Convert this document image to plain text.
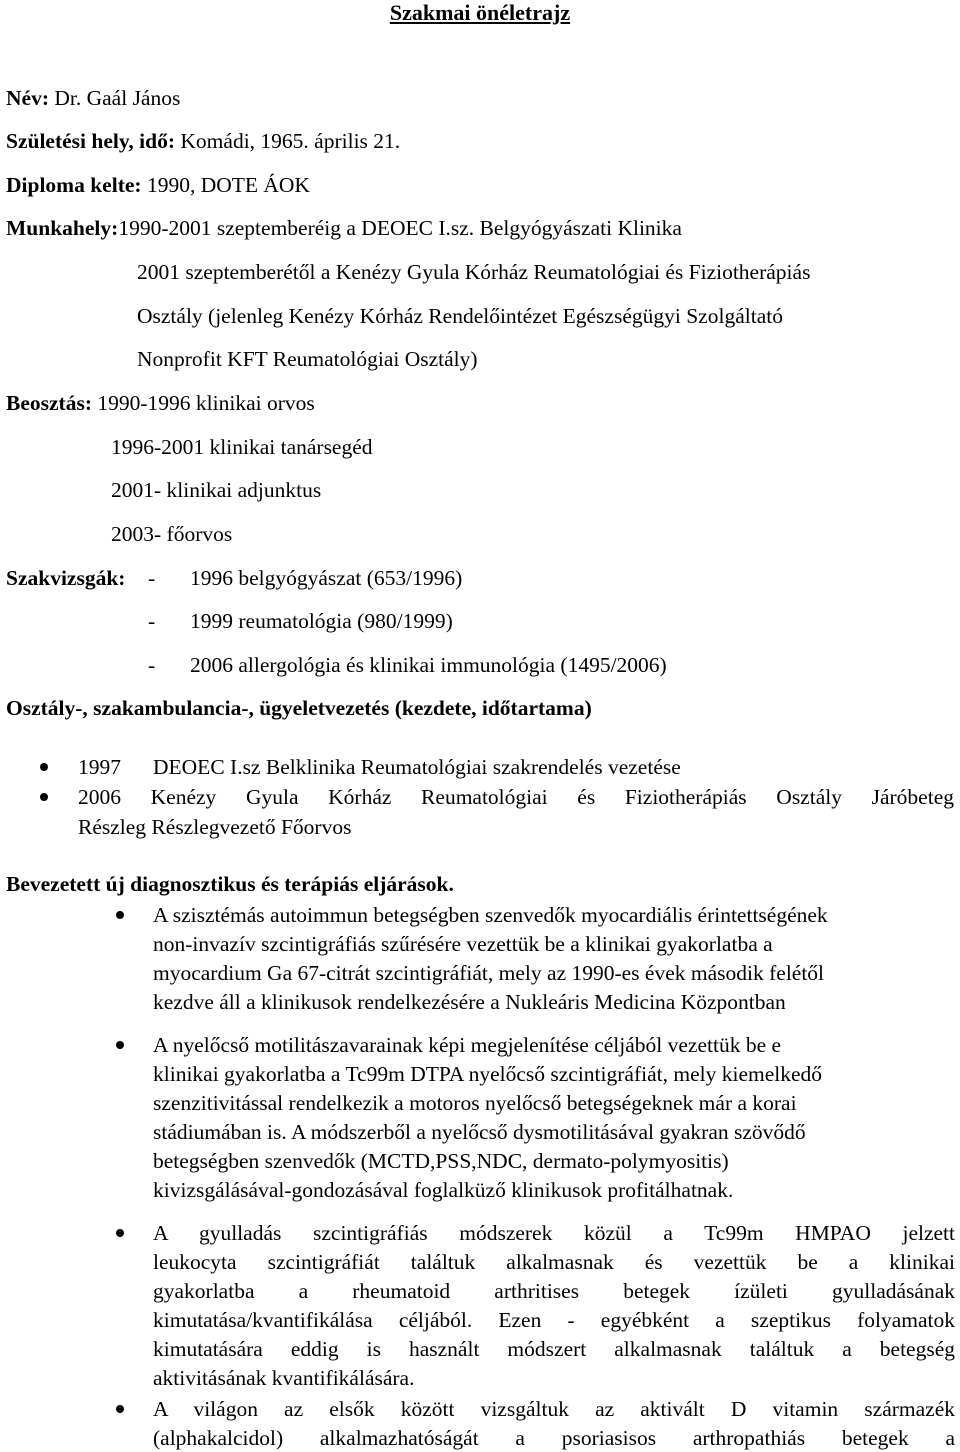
Szakmai önéletrajz
Név: Dr. Gaál János
Születési hely, idő: Komádi, 1965. április 21.
Diploma kelte: 1990, DOTE ÁOK
Munkahely:1990-2001 szeptemberéig a DEOEC I.sz. Belgyógyászati Klinika
2001 szeptemberétől a Kenézy Gyula Kórház Reumatológiai és Fiziotherápiás
Osztály (jelenleg Kenézy Kórház Rendelőintézet Egészségügyi Szolgáltató
Nonprofit KFT Reumatológiai Osztály)
Beosztás: 1990-1996 klinikai orvos
1996-2001 klinikai tanársegéd
2001- klinikai adjunktus
2003- főorvos
Szakvizsgák: - 1996 belgyógyászat (653/1996)
- 1999 reumatológia (980/1999)
- 2006 allergológia és klinikai immunológia (1495/2006)
Osztály-, szakambulancia-, ügyeletvezetés (kezdete, időtartama)
1997 DEOEC I.sz Belklinika Reumatológiai szakrendelés vezetése
2006 Kenézy Gyula Kórház Reumatológiai és Fiziotherápiás Osztály Járóbeteg
Részleg Részlegvezető Főorvos
Bevezetett új diagnosztikus és terápiás eljárások.
A szisztémás autoimmun betegségben szenvedők myocardiális érintettségének
non-invazív szcintigráfiás szűrésére vezettük be a klinikai gyakorlatba a
myocardium Ga 67-citrát szcintigráfiát, mely az 1990-es évek második felétől
kezdve áll a klinikusok rendelkezésére a Nukleáris Medicina Központban
A nyelőcső motilitászavarainak képi megjelenítése céljából vezettük be e
klinikai gyakorlatba a Tc99m DTPA nyelőcső szcintigráfiát, mely kiemelkedő
szenzitivitással rendelkezik a motoros nyelőcső betegségeknek már a korai
stádiumában is. A módszerből a nyelőcső dysmotilitásával gyakran szövődő
betegségben szenvedők (MCTD,PSS,NDC, dermato-polymyositis)
kivizsgálásával-gondozásával foglalküző klinikusok profitálhatnak.
A gyulladás szcintigráfiás módszerek közül a Tc99m HMPAO jelzett
leukocyta szcintigráfiát találtuk alkalmasnak és vezettük be a klinikai
gyakorlatba a rheumatoid arthritises betegek ízületi gyulladásának
kimutatása/kvantifikálása céljából. Ezen - egyébként a szeptikus folyamatok
kimutatására eddig is használt módszert alkalmasnak találtuk a betegség
aktivitásának kvantifikálására.
A világon az elsők között vizsgáltuk az aktivált D vitamin származék
(alphakalcidol) alkalmazhatóságát a psoriasisos arthropathiás betegek a
